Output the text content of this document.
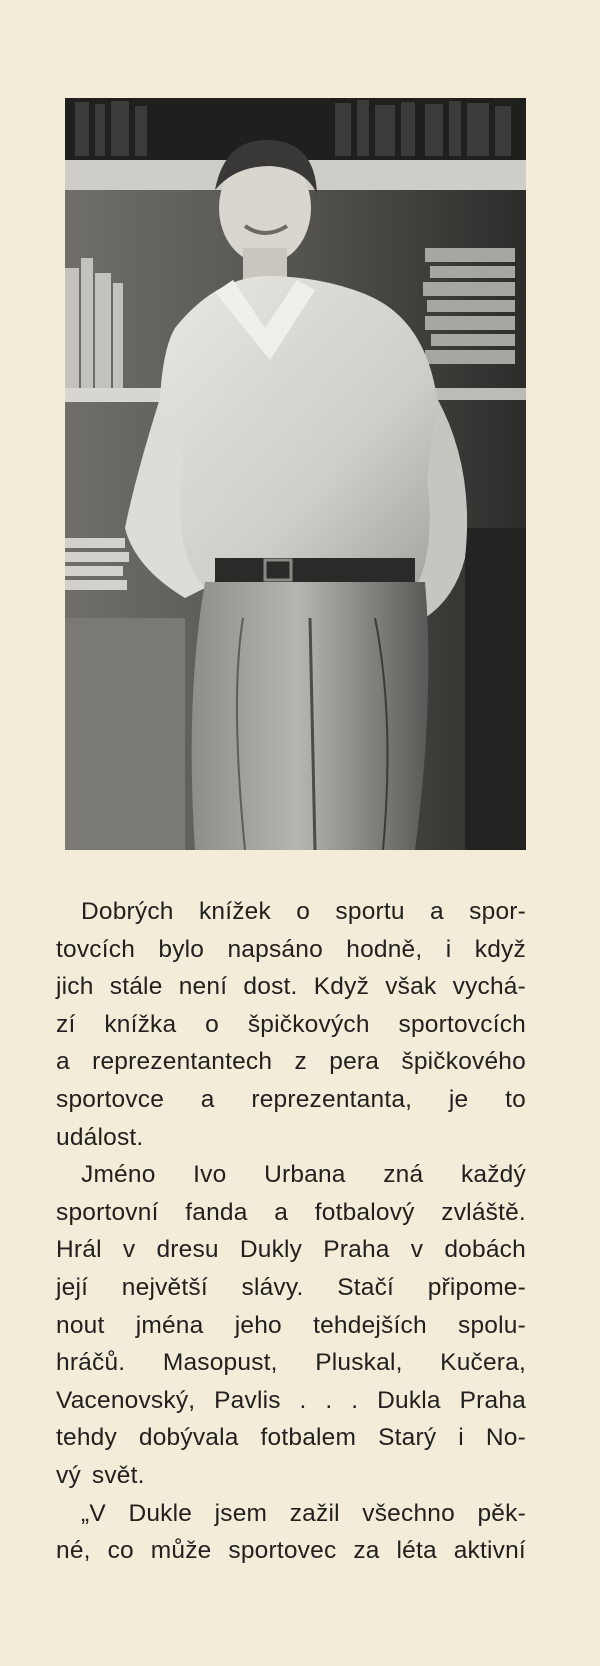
Dobrých knížek o sportu a spor-
tovcích bylo napsáno hodně, i když
jich stále není dost. Když však vychá-
zí knížka o špičkových sportovcích
a reprezentantech z pera špičkového
sportovce a reprezentanta, je to
událost.
Jméno Ivo Urbana zná každý
sportovní fanda a fotbalový zvláště.
Hrál v dresu Dukly Praha v dobách
její největší slávy. Stačí připome-
nout jména jeho tehdejších spolu-
hráčů. Masopust, Pluskal, Kučera,
Vacenovský, Pavlis . . . Dukla Praha
tehdy dobývala fotbalem Starý i No-
vý svět.
„V Dukle jsem zažil všechno pěk-
né, co může sportovec za léta aktivní
